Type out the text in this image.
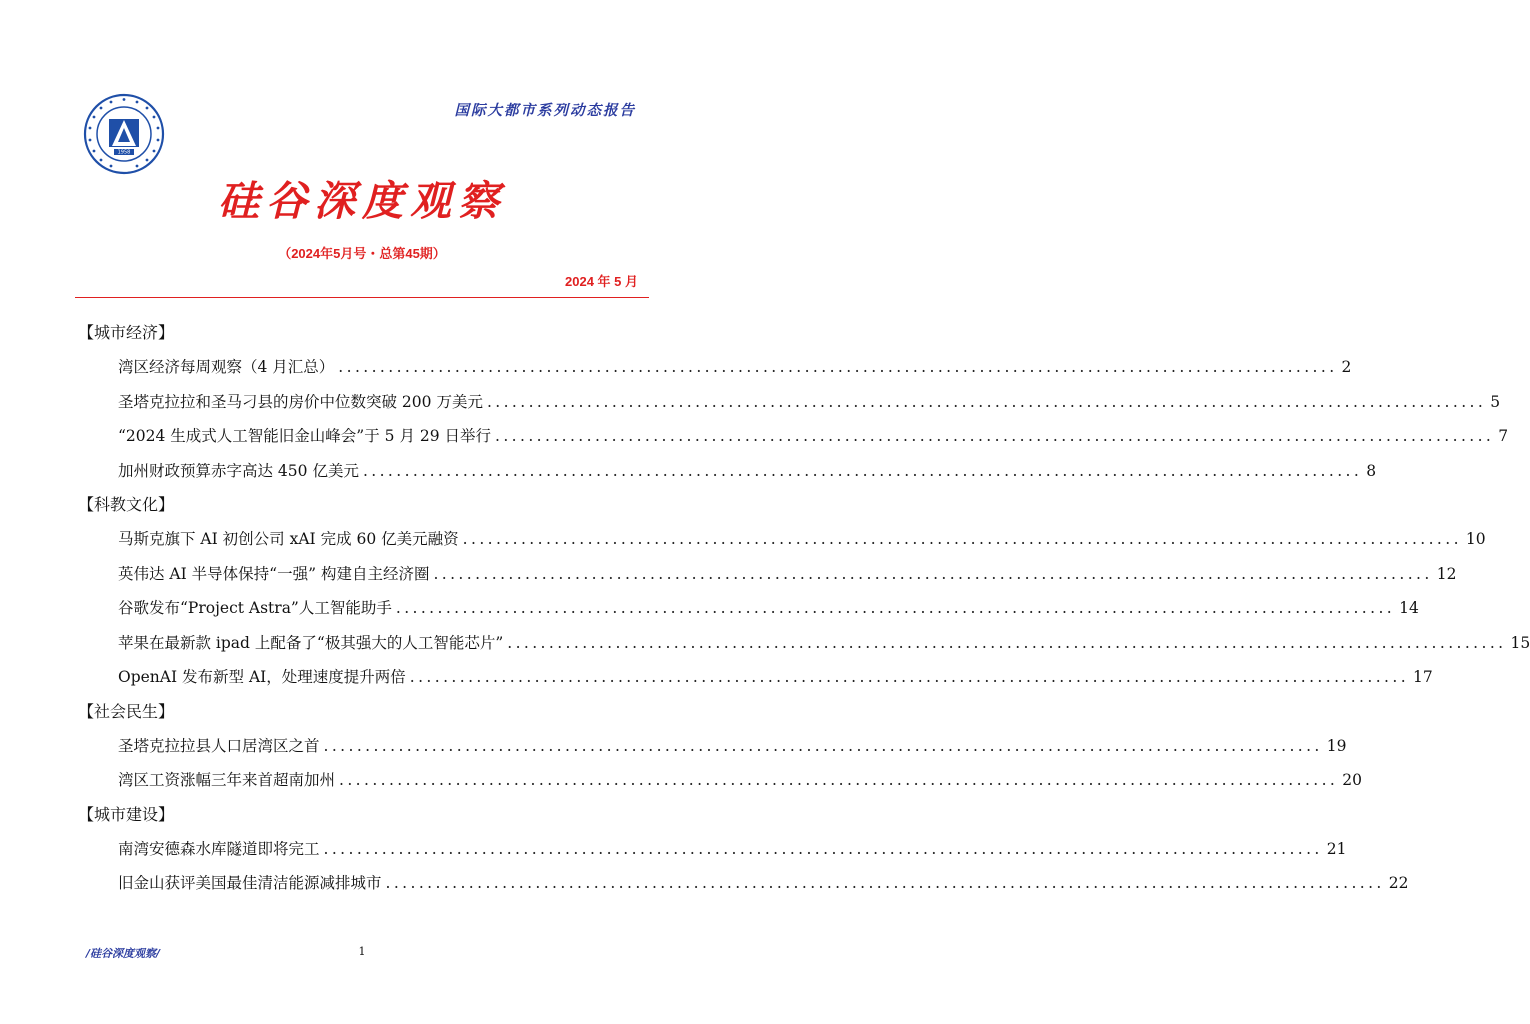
1958
国际大都市系列动态报告
硅谷深度观察
（2024年5月号・总第45期）
2024 年 5 月
【城市经济】
湾区经济每周观察（4 月汇总） ........................................................................................................................ 2
圣塔克拉拉和圣马刁县的房价中位数突破 200 万美元 ........................................................................................................................ 5
“2024 生成式人工智能旧金山峰会”于 5 月 29 日举行 ........................................................................................................................ 7
加州财政预算赤字高达 450 亿美元 ........................................................................................................................ 8
【科教文化】
马斯克旗下 AI 初创公司 xAI 完成 60 亿美元融资 ........................................................................................................................ 10
英伟达 AI 半导体保持“一强” 构建自主经济圈 ........................................................................................................................ 12
谷歌发布“Project Astra”人工智能助手 ........................................................................................................................ 14
苹果在最新款 ipad 上配备了“极其强大的人工智能芯片” ........................................................................................................................ 15
OpenAI 发布新型 AI，处理速度提升两倍 ........................................................................................................................ 17
【社会民生】
圣塔克拉拉县人口居湾区之首 ........................................................................................................................ 19
湾区工资涨幅三年来首超南加州 ........................................................................................................................ 20
【城市建设】
南湾安德森水库隧道即将完工 ........................................................................................................................ 21
旧金山获评美国最佳清洁能源减排城市 ........................................................................................................................ 22
/硅谷深度观察/	1
